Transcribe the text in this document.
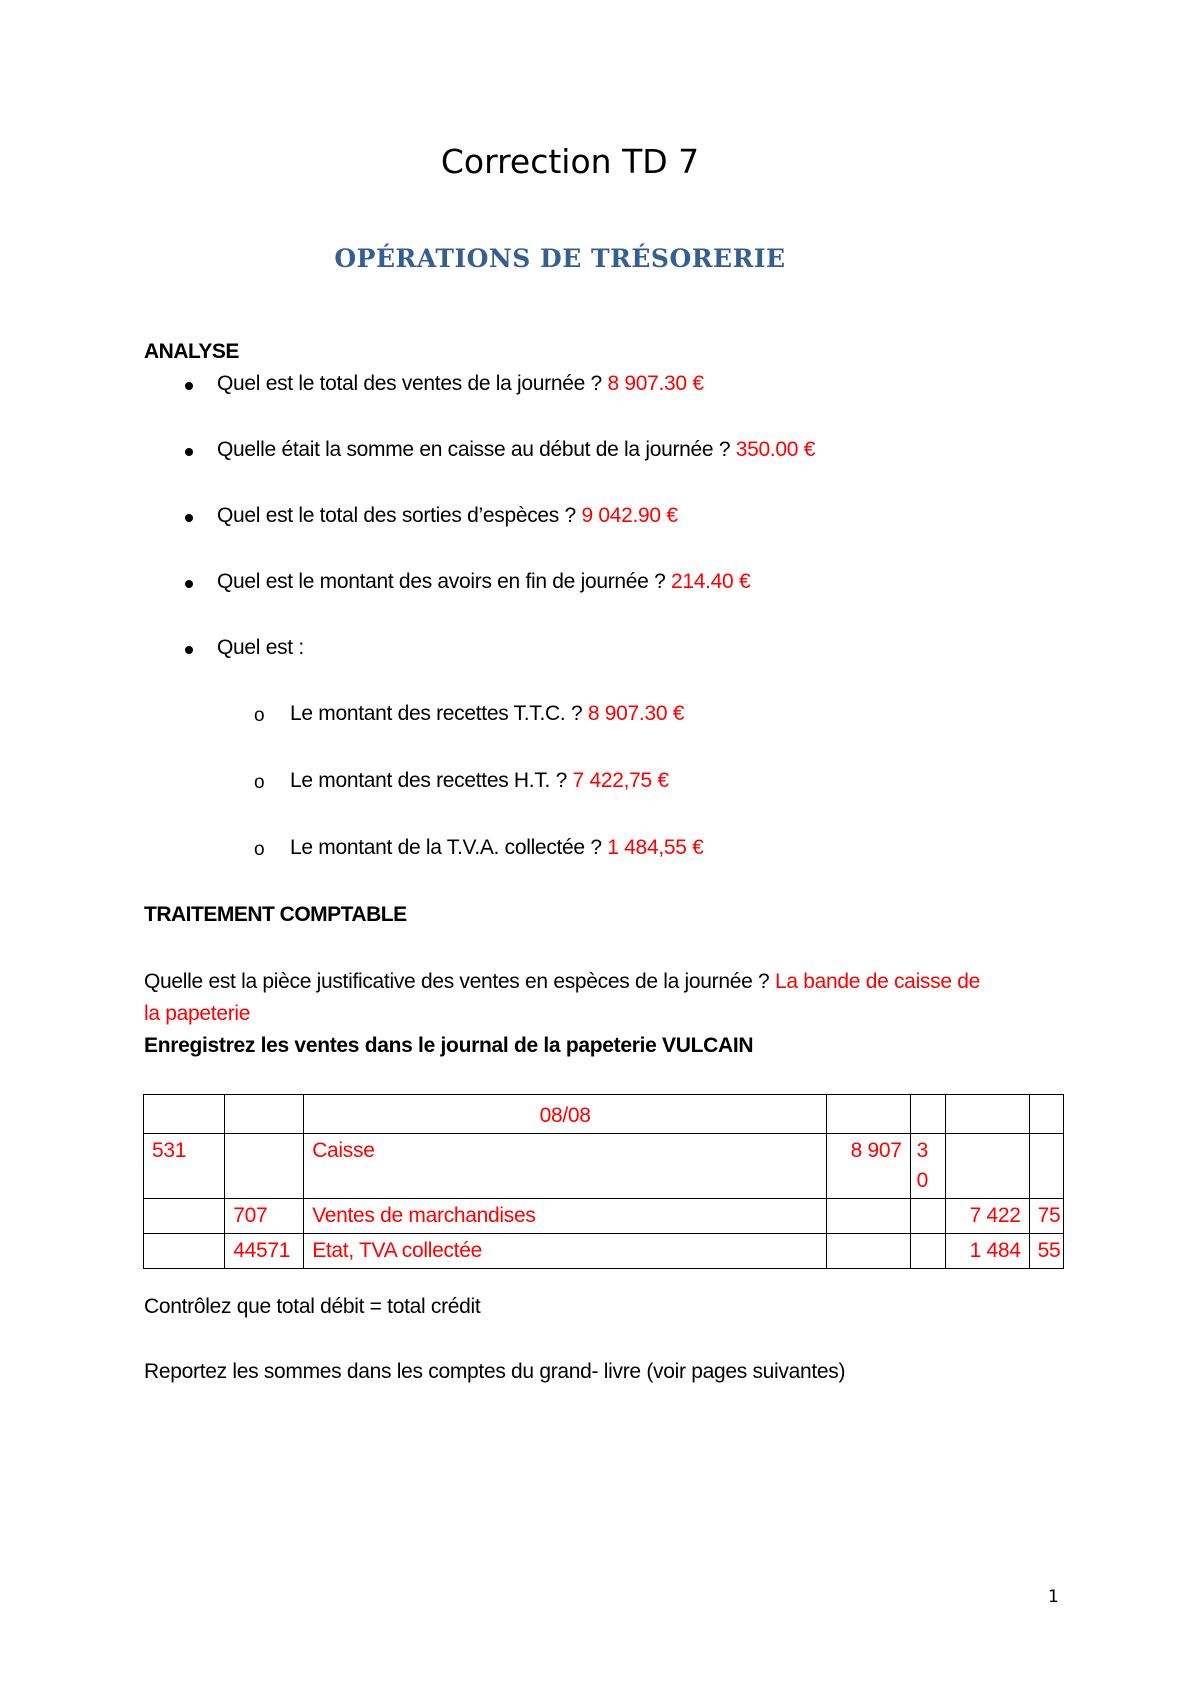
Correction TD 7
OPÉRATIONS DE TRÉSORERIE
ANALYSE
Quel est le total des ventes de la journée ? 8 907.30 €
Quelle était la somme en caisse au début de la journée ? 350.00 €
Quel est le total des sorties d’espèces ? 9 042.90 €
Quel est le montant des avoirs en fin de journée ? 214.40 €
Quel est :
o Le montant des recettes T.T.C. ? 8 907.30 €
o Le montant des recettes H.T. ? 7 422,75 €
o Le montant de la T.V.A. collectée ? 1 484,55 €
TRAITEMENT COMPTABLE
Quelle est la pièce justificative des ventes en espèces de la journée ? La bande de caisse de
la papeterie
Enregistrez les ventes dans le journal de la papeterie VULCAIN
		08/08				
531		Caisse	8 907	3
0		
	707	Ventes de marchandises			7 422	75
	44571	Etat, TVA collectée			1 484	55
Contrôlez que total débit = total crédit
Reportez les sommes dans les comptes du grand- livre (voir pages suivantes)
1
